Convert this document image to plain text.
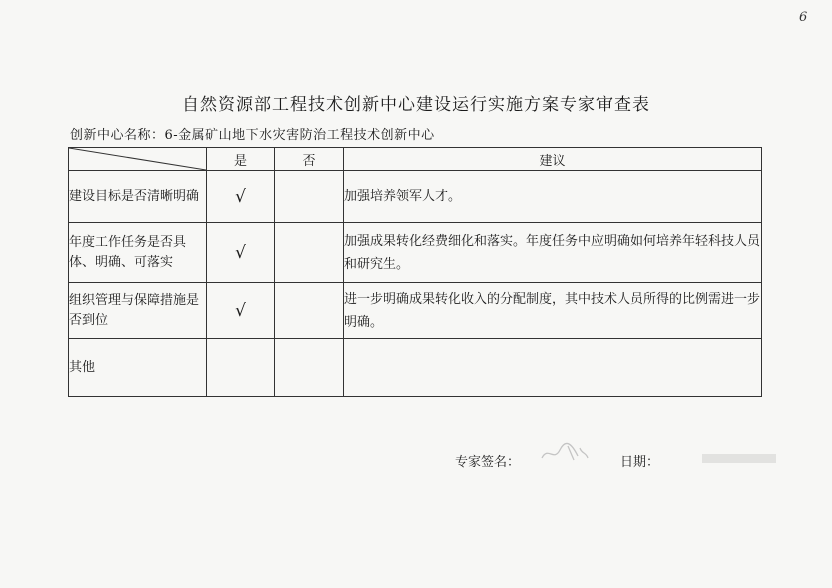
6
自然资源部工程技术创新中心建设运行实施方案专家审查表
创新中心名称：6-金属矿山地下水灾害防治工程技术创新中心
	是	否	建议
建设目标是否清晰明确	√		加强培养领军人才。
年度工作任务是否具体、明确、可落实	√		加强成果转化经费细化和落实。年度任务中应明确如何培养年轻科技人员和研究生。
组织管理与保障措施是否到位	√		进一步明确成果转化收入的分配制度，其中技术人员所得的比例需进一步明确。
其他			
专家签名：	日期：
